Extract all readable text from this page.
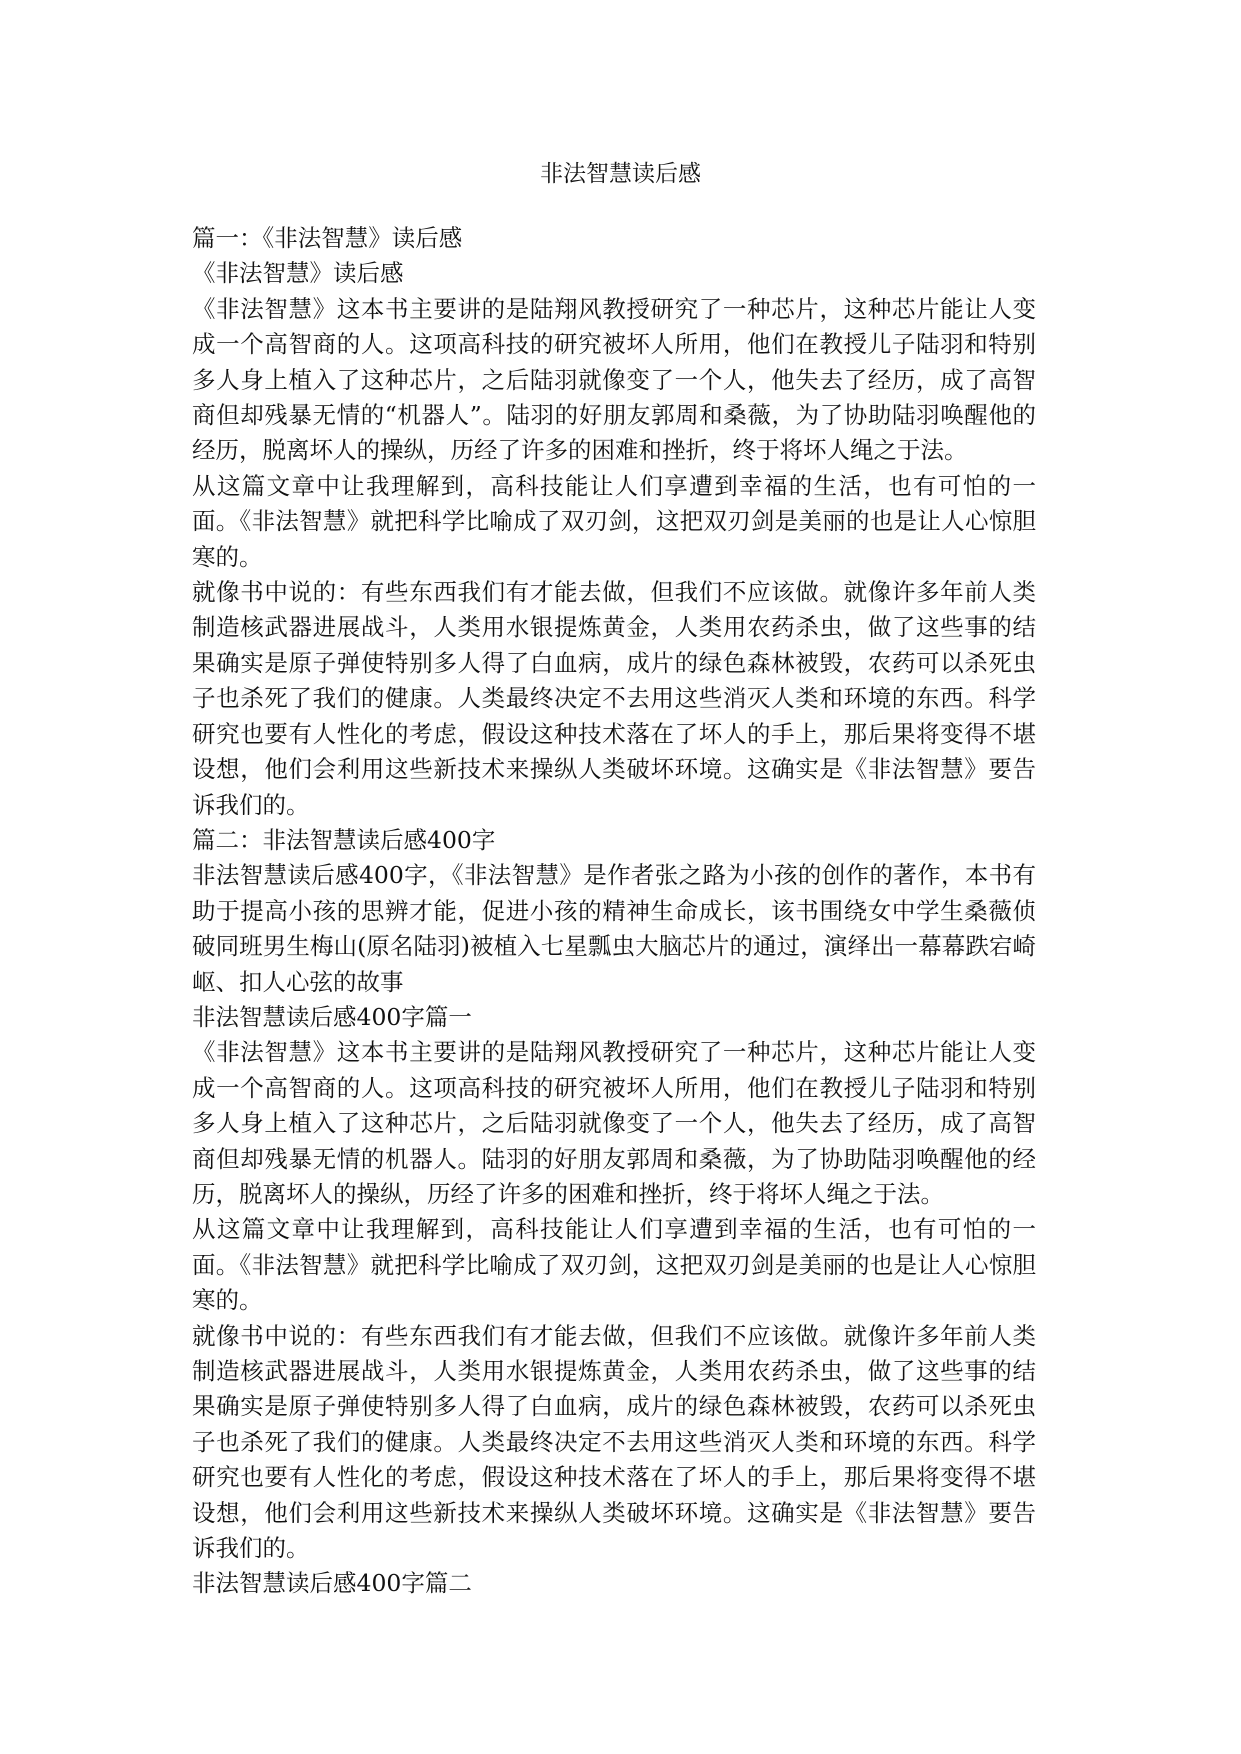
非法智慧读后感

篇一：《非法智慧》读后感

《非法智慧》读后感

《非法智慧》这本书主要讲的是陆翔风教授研究了一种芯片，这种芯片能让人变成一个高智商的人。这项高科技的研究被坏人所用，他们在教授儿子陆羽和特别多人身上植入了这种芯片，之后陆羽就像变了一个人，他失去了经历，成了高智商但却残暴无情的“机器人”。陆羽的好朋友郭周和桑薇，为了协助陆羽唤醒他的经历，脱离坏人的操纵，历经了许多的困难和挫折，终于将坏人绳之于法。

从这篇文章中让我理解到，高科技能让人们享遭到幸福的生活，也有可怕的一面。《非法智慧》就把科学比喻成了双刃剑，这把双刃剑是美丽的也是让人心惊胆寒的。

就像书中说的：有些东西我们有才能去做，但我们不应该做。就像许多年前人类制造核武器进展战斗，人类用水银提炼黄金，人类用农药杀虫，做了这些事的结果确实是原子弹使特别多人得了白血病，成片的绿色森林被毁，农药可以杀死虫子也杀死了我们的健康。人类最终决定不去用这些消灭人类和环境的东西。科学研究也要有人性化的考虑，假设这种技术落在了坏人的手上，那后果将变得不堪设想，他们会利用这些新技术来操纵人类破坏环境。这确实是《非法智慧》要告诉我们的。

篇二：非法智慧读后感400字

非法智慧读后感400字，《非法智慧》是作者张之路为小孩的创作的著作，本书有助于提高小孩的思辨才能，促进小孩的精神生命成长，该书围绕女中学生桑薇侦破同班男生梅山(原名陆羽)被植入七星瓢虫大脑芯片的通过，演绎出一幕幕跌宕崎岖、扣人心弦的故事

非法智慧读后感400字篇一

《非法智慧》这本书主要讲的是陆翔风教授研究了一种芯片，这种芯片能让人变成一个高智商的人。这项高科技的研究被坏人所用，他们在教授儿子陆羽和特别多人身上植入了这种芯片，之后陆羽就像变了一个人，他失去了经历，成了高智商但却残暴无情的机器人。陆羽的好朋友郭周和桑薇，为了协助陆羽唤醒他的经历，脱离坏人的操纵，历经了许多的困难和挫折，终于将坏人绳之于法。

从这篇文章中让我理解到，高科技能让人们享遭到幸福的生活，也有可怕的一面。《非法智慧》就把科学比喻成了双刃剑，这把双刃剑是美丽的也是让人心惊胆寒的。

就像书中说的：有些东西我们有才能去做，但我们不应该做。就像许多年前人类制造核武器进展战斗，人类用水银提炼黄金，人类用农药杀虫，做了这些事的结果确实是原子弹使特别多人得了白血病，成片的绿色森林被毁，农药可以杀死虫子也杀死了我们的健康。人类最终决定不去用这些消灭人类和环境的东西。科学研究也要有人性化的考虑，假设这种技术落在了坏人的手上，那后果将变得不堪设想，他们会利用这些新技术来操纵人类破坏环境。这确实是《非法智慧》要告诉我们的。

非法智慧读后感400字篇二
